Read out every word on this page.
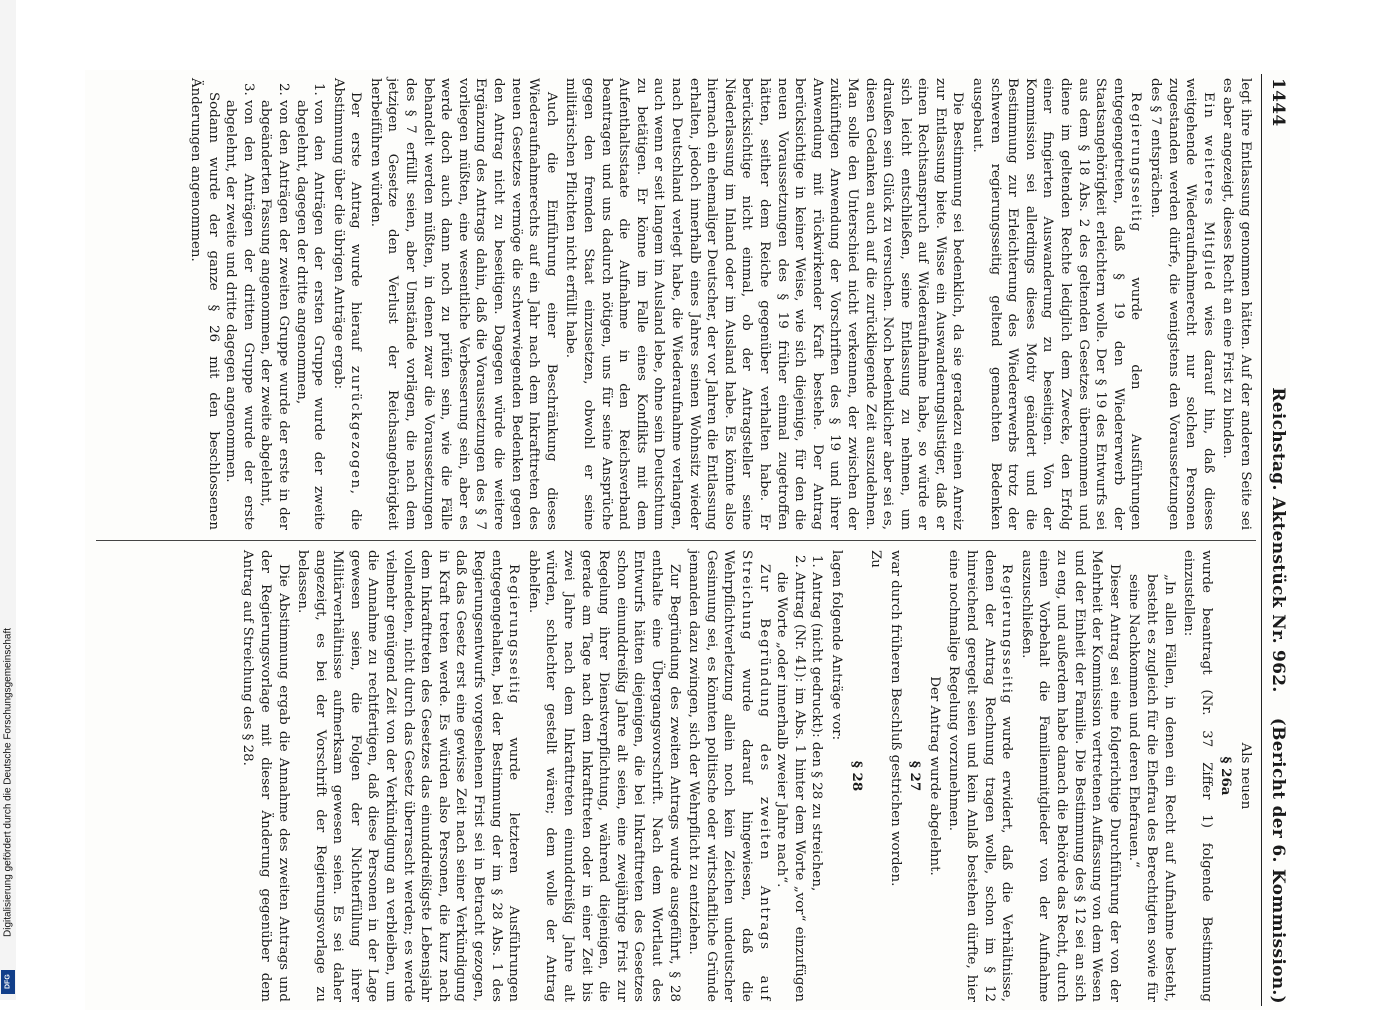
Digitalisierung gefördert durch die Deutsche Forschungsgemeinschaft
DFG
1444
Reichstag. Aktenstück Nr. 962.
(Bericht der 6. Kommission.)

legt ihre Entlassung genommen hätten. Auf der anderen Seite sei es aber angezeigt, dieses Recht an eine Frist zu binden.

Ein weiteres Mitglied wies darauf hin, daß dieses weitgehende Wiederaufnahmerecht nur solchen Personen zugestanden werden dürfe, die wenigstens den Voraussetzungen des § 7 entsprächen.

Regierungsseitig wurde den Ausführungen entgegengetreten, daß § 19 den Wiedererwerb der Staatsangehörigkeit erleichtern wolle. Der § 19 des Entwurfs sei aus dem § 18 Abs. 2 des geltenden Gesetzes übernommen und diene im geltenden Rechte lediglich dem Zwecke, den Erfolg einer fingierten Auswanderung zu beseitigen. Von der Kommission sei allerdings dieses Motiv geändert und die Bestimmung zur Erleichterung des Wiedererwerbs trotz der schweren regierungsseitig geltend gemachten Bedenken ausgebaut.

Die Bestimmung sei bedenklich, da sie geradezu einen Anreiz zur Entlassung biete. Wisse ein Auswanderungslustiger, daß er einen Rechtsanspruch auf Wiederaufnahme habe, so würde er sich leicht entschließen, seine Entlassung zu nehmen, um draußen sein Glück zu versuchen. Noch bedenklicher aber sei es, diesen Gedanken auch auf die zurückliegende Zeit auszudehnen. Man solle den Unterschied nicht verkennen, der zwischen der zukünftigen Anwendung der Vorschriften des § 19 und ihrer Anwendung mit rückwirkender Kraft bestehe. Der Antrag berücksichtige in keiner Weise, wie sich diejenige, für den die neuen Voraussetzungen des § 19 früher einmal zugetroffen hätten, seither dem Reiche gegenüber verhalten habe. Er berücksichtige nicht einmal, ob der Antragsteller seine Niederlassung im Inland oder im Ausland habe. Es könnte also hiernach ein ehemaliger Deutscher, der vor Jahren die Entlassung erhalten, jedoch innerhalb eines Jahres seinen Wohnsitz wieder nach Deutschland verlegt habe, die Wiederaufnahme verlangen, auch wenn er seit langem im Ausland lebe, ohne sein Deutschtum zu betätigen. Er könne im Falle eines Konflikts mit dem Aufenthaltsstaate die Aufnahme in den Reichsverband beantragen und uns dadurch nötigen, uns für seine Ansprüche gegen den fremden Staat einzusetzen, obwohl er seine militärischen Pflichten nicht erfüllt habe.

Auch die Einführung einer Beschränkung dieses Wiederaufnahmerechts auf ein Jahr nach dem Inkrafttreten des neuen Gesetzes vermöge die schwerwiegenden Bedenken gegen den Antrag nicht zu beseitigen. Dagegen würde die weitere Ergänzung des Antrags dahin, daß die Voraussetzungen des § 7 vorliegen müßten, eine wesentliche Verbesserung sein, aber es werde doch auch dann noch zu prüfen sein, wie die Fälle behandelt werden müßten, in denen zwar die Voraussetzungen des § 7 erfüllt seien, aber Umstände vorlägen, die nach dem jetzigen Gesetze den Verlust der Reichsangehörigkeit herbeiführen würden.

Der erste Antrag wurde hierauf zurückgezogen, die Abstimmung über die übrigen Anträge ergab:

1. von den Anträgen der ersten Gruppe wurde der zweite abgelehnt, dagegen der dritte angenommen,
2. von den Anträgen der zweiten Gruppe wurde der erste in der abgeänderten Fassung angenommen, der zweite abgelehnt,
3. von den Anträgen der dritten Gruppe wurde der erste abgelehnt, der zweite und dritte dagegen angenommen.

Sodann wurde der ganze § 26 mit den beschlossenen Änderungen angenommen.

Als neuen

§ 26a

wurde beantragt (Nr. 37 Ziffer 1) folgende Bestimmung einzustellen:

„In allen Fällen, in denen ein Recht auf Aufnahme besteht, besteht es zugleich für die Ehefrau des Berechtigten sowie für seine Nachkommen und deren Ehefrauen.“

Dieser Antrag sei eine folgerichtige Durchführung der von der Mehrheit der Kommission vertretenen Auffassung von dem Wesen und der Einheit der Familie. Die Bestimmung des § 12 sei an sich zu eng, und außerdem habe danach die Behörde das Recht, durch einen Vorbehalt die Familienmitglieder von der Aufnahme auszuschließen.

Regierungsseitig wurde erwidert, daß die Verhältnisse, denen der Antrag Rechnung tragen wolle, schon im § 12 hinreichend geregelt seien und kein Anlaß bestehen dürfte, hier eine nochmalige Regelung vorzunehmen.

Der Antrag wurde abgelehnt.

§ 27

war durch früheren Beschluß gestrichen worden.

Zu

§ 28

lagen folgende Anträge vor:

1. Antrag (nicht gedruckt): den § 28 zu streichen,
2. Antrag (Nr. 41): im Abs. 1 hinter dem Worte „vor“ einzufügen die Worte „oder innerhalb zweier Jahre nach“.

Zur Begründung des zweiten Antrags auf Streichung wurde darauf hingewiesen, daß die Wehrpflichtverletzung allein noch kein Zeichen undeutscher Gesinnung sei, es könnten politische oder wirtschaftliche Gründe jemanden dazu zwingen, sich der Wehrpflicht zu entziehen.

Zur Begründung des zweiten Antrags wurde ausgeführt, § 28 enthalte eine Übergangsvorschrift. Nach dem Wortlaut des Entwurfs hätten diejenigen, die bei Inkrafttreten des Gesetzes schon einunddreißig Jahre alt seien, eine zweijährige Frist zur Regelung ihrer Dienstverpflichtung, während diejenigen, die gerade am Tage nach dem Inkrafttreten oder in einer Zeit bis zwei Jahre nach dem Inkrafttreten einunddreißig Jahre alt würden, schlechter gestellt wären; dem wolle der Antrag abhelfen.

Regierungsseitig wurde letzteren Ausführungen entgegengehalten, bei der Bestimmung der im § 28 Abs. 1 des Regierungsentwurfs vorgesehenen Frist sei in Betracht gezogen, daß das Gesetz erst eine gewisse Zeit nach seiner Verkündigung in Kraft treten werde. Es würden also Personen, die kurz nach dem Inkrafttreten des Gesetzes das einunddreißigste Lebensjahr vollendeten, nicht durch das Gesetz überrascht werden; es werde vielmehr genügend Zeit von der Verkündigung an verbleiben, um die Annahme zu rechtfertigen, daß diese Personen in der Lage gewesen seien, die Folgen der Nichterfüllung ihrer Militärverhältnisse aufmerksam gewesen seien. Es sei daher angezeigt, es bei der Vorschrift der Regierungsvorlage zu belassen.

Die Abstimmung ergab die Annahme des zweiten Antrags und der Regierungsvorlage mit dieser Änderung gegenüber dem Antrag auf Streichung des § 28.
